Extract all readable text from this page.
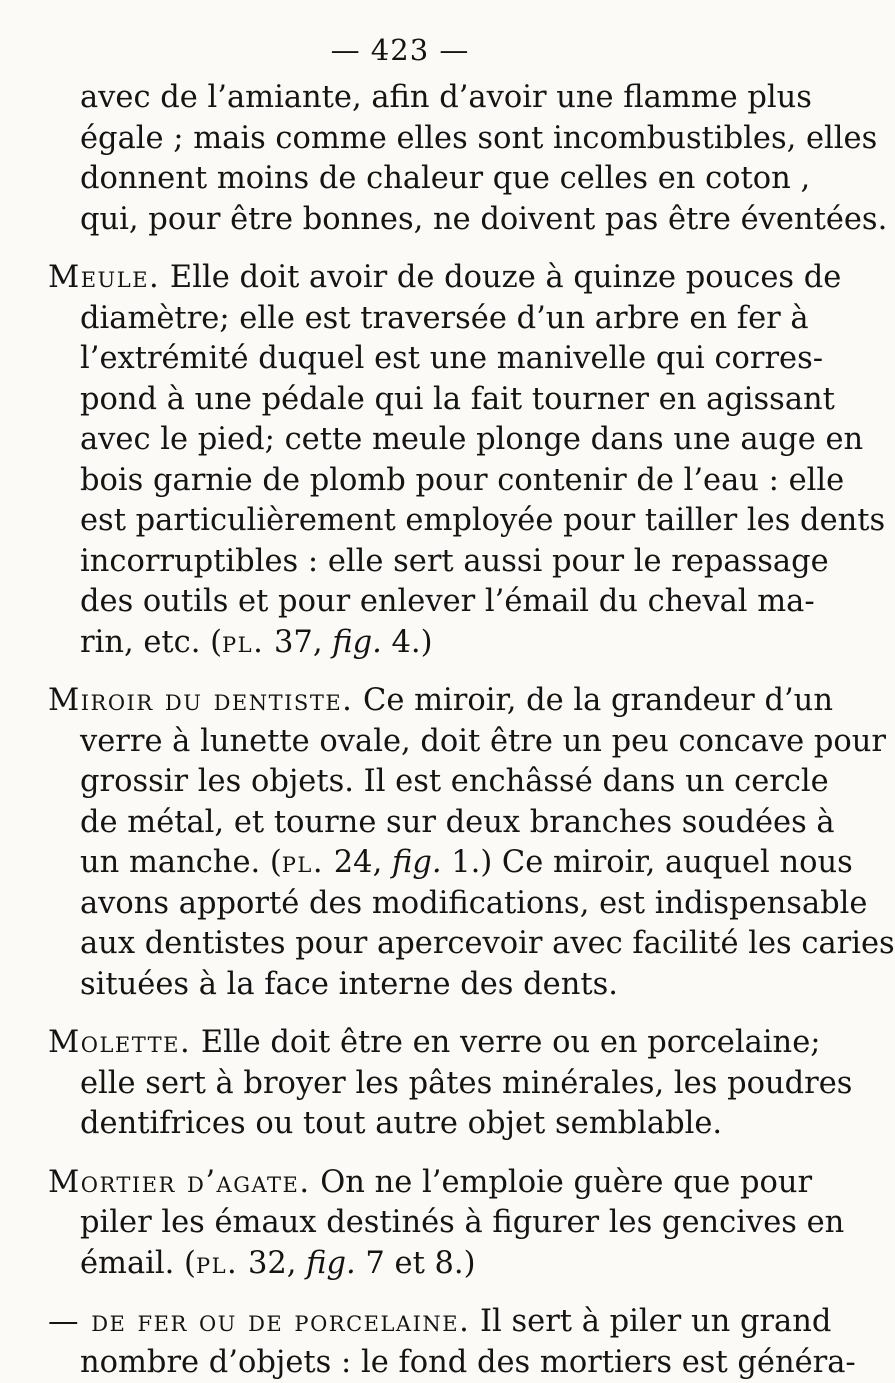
— 423 —
avec de l’amiante, afin d’avoir une flamme plus
égale ; mais comme elles sont incombustibles, elles
donnent moins de chaleur que celles en coton ,
qui, pour être bonnes, ne doivent pas être éventées.
Meule. Elle doit avoir de douze à quinze pouces de
diamètre; elle est traversée d’un arbre en fer à
l’extrémité duquel est une manivelle qui corres-
pond à une pédale qui la fait tourner en agissant
avec le pied; cette meule plonge dans une auge en
bois garnie de plomb pour contenir de l’eau : elle
est particulièrement employée pour tailler les dents
incorruptibles : elle sert aussi pour le repassage
des outils et pour enlever l’émail du cheval ma-
rin, etc. (pl. 37, fig. 4.)
Miroir du dentiste. Ce miroir, de la grandeur d’un
verre à lunette ovale, doit être un peu concave pour
grossir les objets. Il est enchâssé dans un cercle
de métal, et tourne sur deux branches soudées à
un manche. (pl. 24, fig. 1.) Ce miroir, auquel nous
avons apporté des modifications, est indispensable
aux dentistes pour apercevoir avec facilité les caries
situées à la face interne des dents.
Molette. Elle doit être en verre ou en porcelaine;
elle sert à broyer les pâtes minérales, les poudres
dentifrices ou tout autre objet semblable.
Mortier d’agate. On ne l’emploie guère que pour
piler les émaux destinés à figurer les gencives en
émail. (pl. 32, fig. 7 et 8.)
— de fer ou de porcelaine. Il sert à piler un grand
nombre d’objets : le fond des mortiers est généra-
